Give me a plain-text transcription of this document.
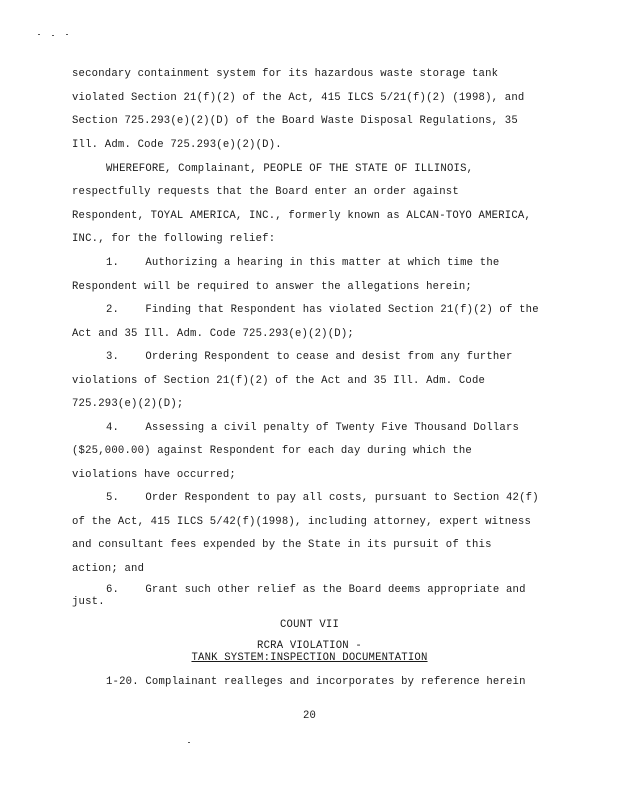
secondary containment system for its hazardous waste storage tank
violated Section 21(f)(2) of the Act, 415 ILCS 5/21(f)(2) (1998), and
Section 725.293(e)(2)(D) of the Board Waste Disposal Regulations, 35
Ill. Adm. Code 725.293(e)(2)(D).
WHEREFORE, Complainant, PEOPLE OF THE STATE OF ILLINOIS,
respectfully requests that the Board enter an order against
Respondent, TOYAL AMERICA, INC., formerly known as ALCAN-TOYO AMERICA,
INC., for the following relief:
1.    Authorizing a hearing in this matter at which time the
Respondent will be required to answer the allegations herein;
2.    Finding that Respondent has violated Section 21(f)(2) of the
Act and 35 Ill. Adm. Code 725.293(e)(2)(D);
3.    Ordering Respondent to cease and desist from any further
violations of Section 21(f)(2) of the Act and 35 Ill. Adm. Code
725.293(e)(2)(D);
4.    Assessing a civil penalty of Twenty Five Thousand Dollars
($25,000.00) against Respondent for each day during which the
violations have occurred;
5.    Order Respondent to pay all costs, pursuant to Section 42(f)
of the Act, 415 ILCS 5/42(f)(1998), including attorney, expert witness
and consultant fees expended by the State in its pursuit of this
action; and
6.    Grant such other relief as the Board deems appropriate and
just.
COUNT VII
RCRA VIOLATION -
TANK SYSTEM:INSPECTION DOCUMENTATION
1-20. Complainant realleges and incorporates by reference herein
20
